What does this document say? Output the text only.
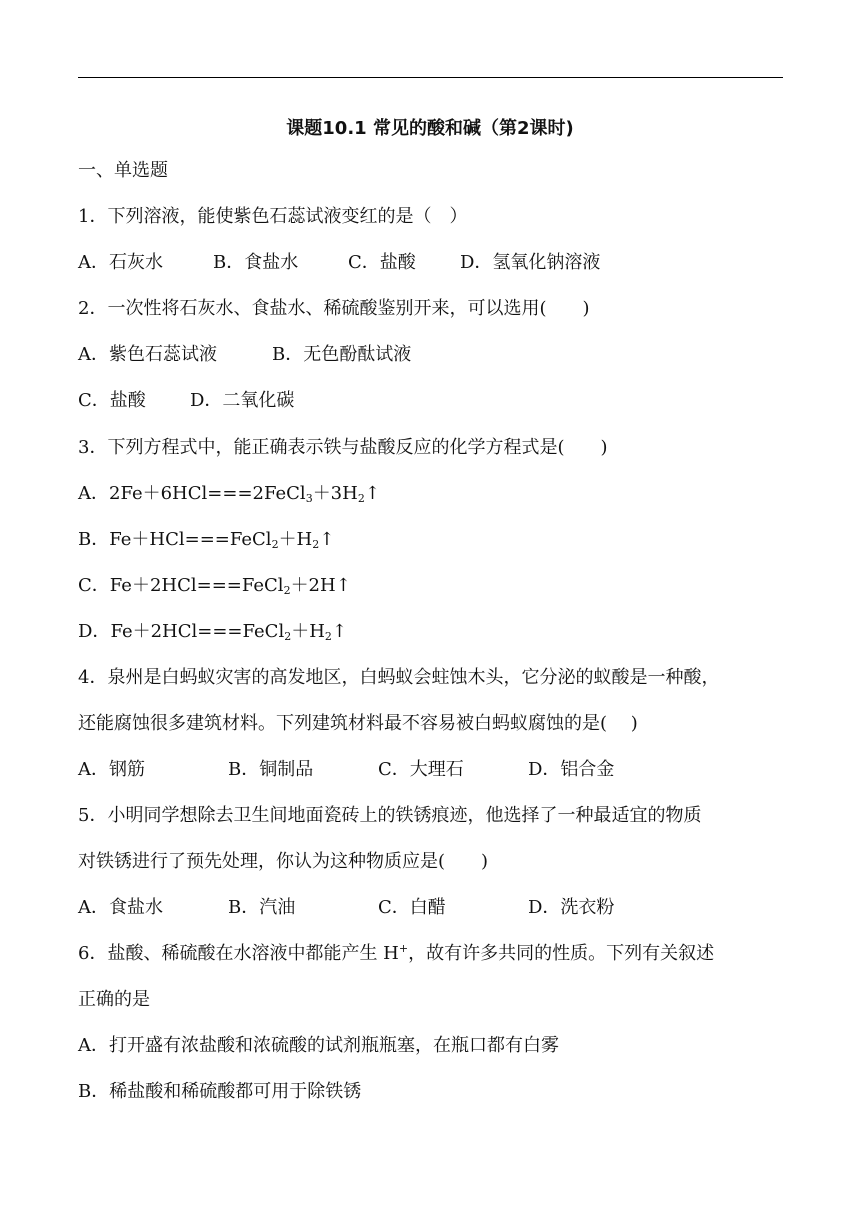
课题10.1 常见的酸和碱（第2课时)
一、单选题
1．下列溶液，能使紫色石蕊试液变红的是（　）
A．石灰水	B．食盐水	C．盐酸 D．氢氧化钠溶液
2．一次性将石灰水、食盐水、稀硫酸鉴别开来，可以选用(　　)
A．紫色石蕊试液	B．无色酚酞试液
C．盐酸 D．二氧化碳
3．下列方程式中，能正确表示铁与盐酸反应的化学方程式是(　　)
A．$2Fe+6HCl===2FeCl_3+3H_2↑$
B．$Fe+HCl===FeCl_2+H_2↑$
C．Fe＋2HCl===FeCl$_2$＋2H↑
D．$Fe+2HCl===FeCl_2+H_2↑$
4．泉州是白蚂蚁灾害的高发地区，白蚂蚁会蛀蚀木头，它分泌的蚁酸是一种酸，
还能腐蚀很多建筑材料。下列建筑材料最不容易被白蚂蚁腐蚀的是(　 )
A．钢筋	B．铜制品	C．大理石	D．铝合金
5．小明同学想除去卫生间地面瓷砖上的铁锈痕迹，他选择了一种最适宜的物质
对铁锈进行了预先处理，你认为这种物质应是(　　)
A．食盐水	B．汽油	C．白醋	D．洗衣粉
6．盐酸、稀硫酸在水溶液中都能产生 H+，故有许多共同的性质。下列有关叙述
正确的是
A．打开盛有浓盐酸和浓硫酸的试剂瓶瓶塞，在瓶口都有白雾
B．稀盐酸和稀硫酸都可用于除铁锈
